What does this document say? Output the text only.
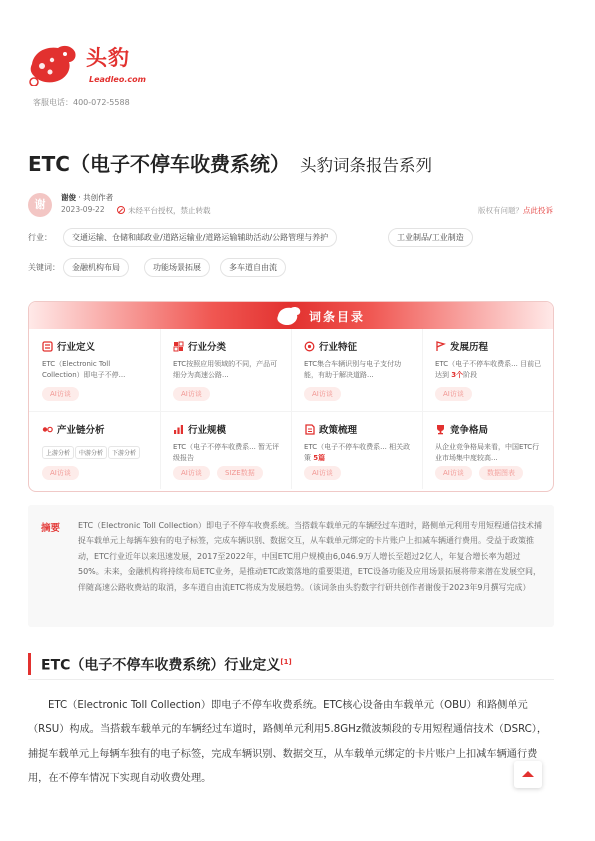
头豹
Leadleo.com
客服电话：400-072-5588
ETC（电子不停车收费系统） 头豹词条报告系列
谢
谢俊 · 共创作者
2023-09-22	未经平台授权，禁止转载	版权有问题？点此投诉
行业：	交通运输、仓储和邮政业/道路运输业/道路运输辅助活动/公路管理与养护	工业制品/工业制造
关键词：	金融机构布局	功能场景拓展	多车道自由流
词条目录
行业定义
ETC（Electronic Toll Collection）即电子不停...
AI访谈
行业分类
ETC按照应用领域的不同，产品可细分为高速公路...
AI访谈
行业特征
ETC集合车辆识别与电子支付功能，有助于解决道路...
AI访谈
发展历程
ETC（电子不停车收费系... 目前已达到 3个阶段
AI访谈
产业链分析
上游分析 中游分析 下游分析
AI访谈
行业规模
ETC（电子不停车收费系... 暂无评级报告
AI访谈	SIZE数据
政策梳理
ETC（电子不停车收费系... 相关政策 5篇
AI访谈
竞争格局
从企业竞争格局来看，中国ETC行业市场集中度较高...
AI访谈	数据图表
摘要 ETC（Electronic Toll Collection）即电子不停车收费系统。当搭载车载单元的车辆经过车道时，路侧单元利用专用短程通信技术捕捉车载单元上每辆车独有的电子标签，完成车辆识别、数据交互，从车载单元绑定的卡片账户上扣减车辆通行费用。受益于政策推动，ETC行业近年以来迅速发展，2017至2022年，中国ETC用户规模由6,046.9万人增长至超过2亿人，年复合增长率为超过50%。未来，金融机构将持续布局ETC业务，是推动ETC政策落地的重要渠道，ETC设备功能及应用场景拓展将带来潜在发展空间，伴随高速公路收费站的取消，多车道自由流ETC将成为发展趋势。（该词条由头豹数字行研共创作者谢俊于2023年9月撰写完成）
ETC（电子不停车收费系统）行业定义[1]
ETC（Electronic Toll Collection）即电子不停车收费系统。ETC核心设备由车载单元（OBU）和路侧单元（RSU）构成。当搭载车载单元的车辆经过车道时，路侧单元利用5.8GHz微波频段的专用短程通信技术（DSRC），捕捉车载单元上每辆车独有的电子标签，完成车辆识别、数据交互，从车载单元绑定的卡片账户上扣减车辆通行费用，在不停车情况下实现自动收费处理。
